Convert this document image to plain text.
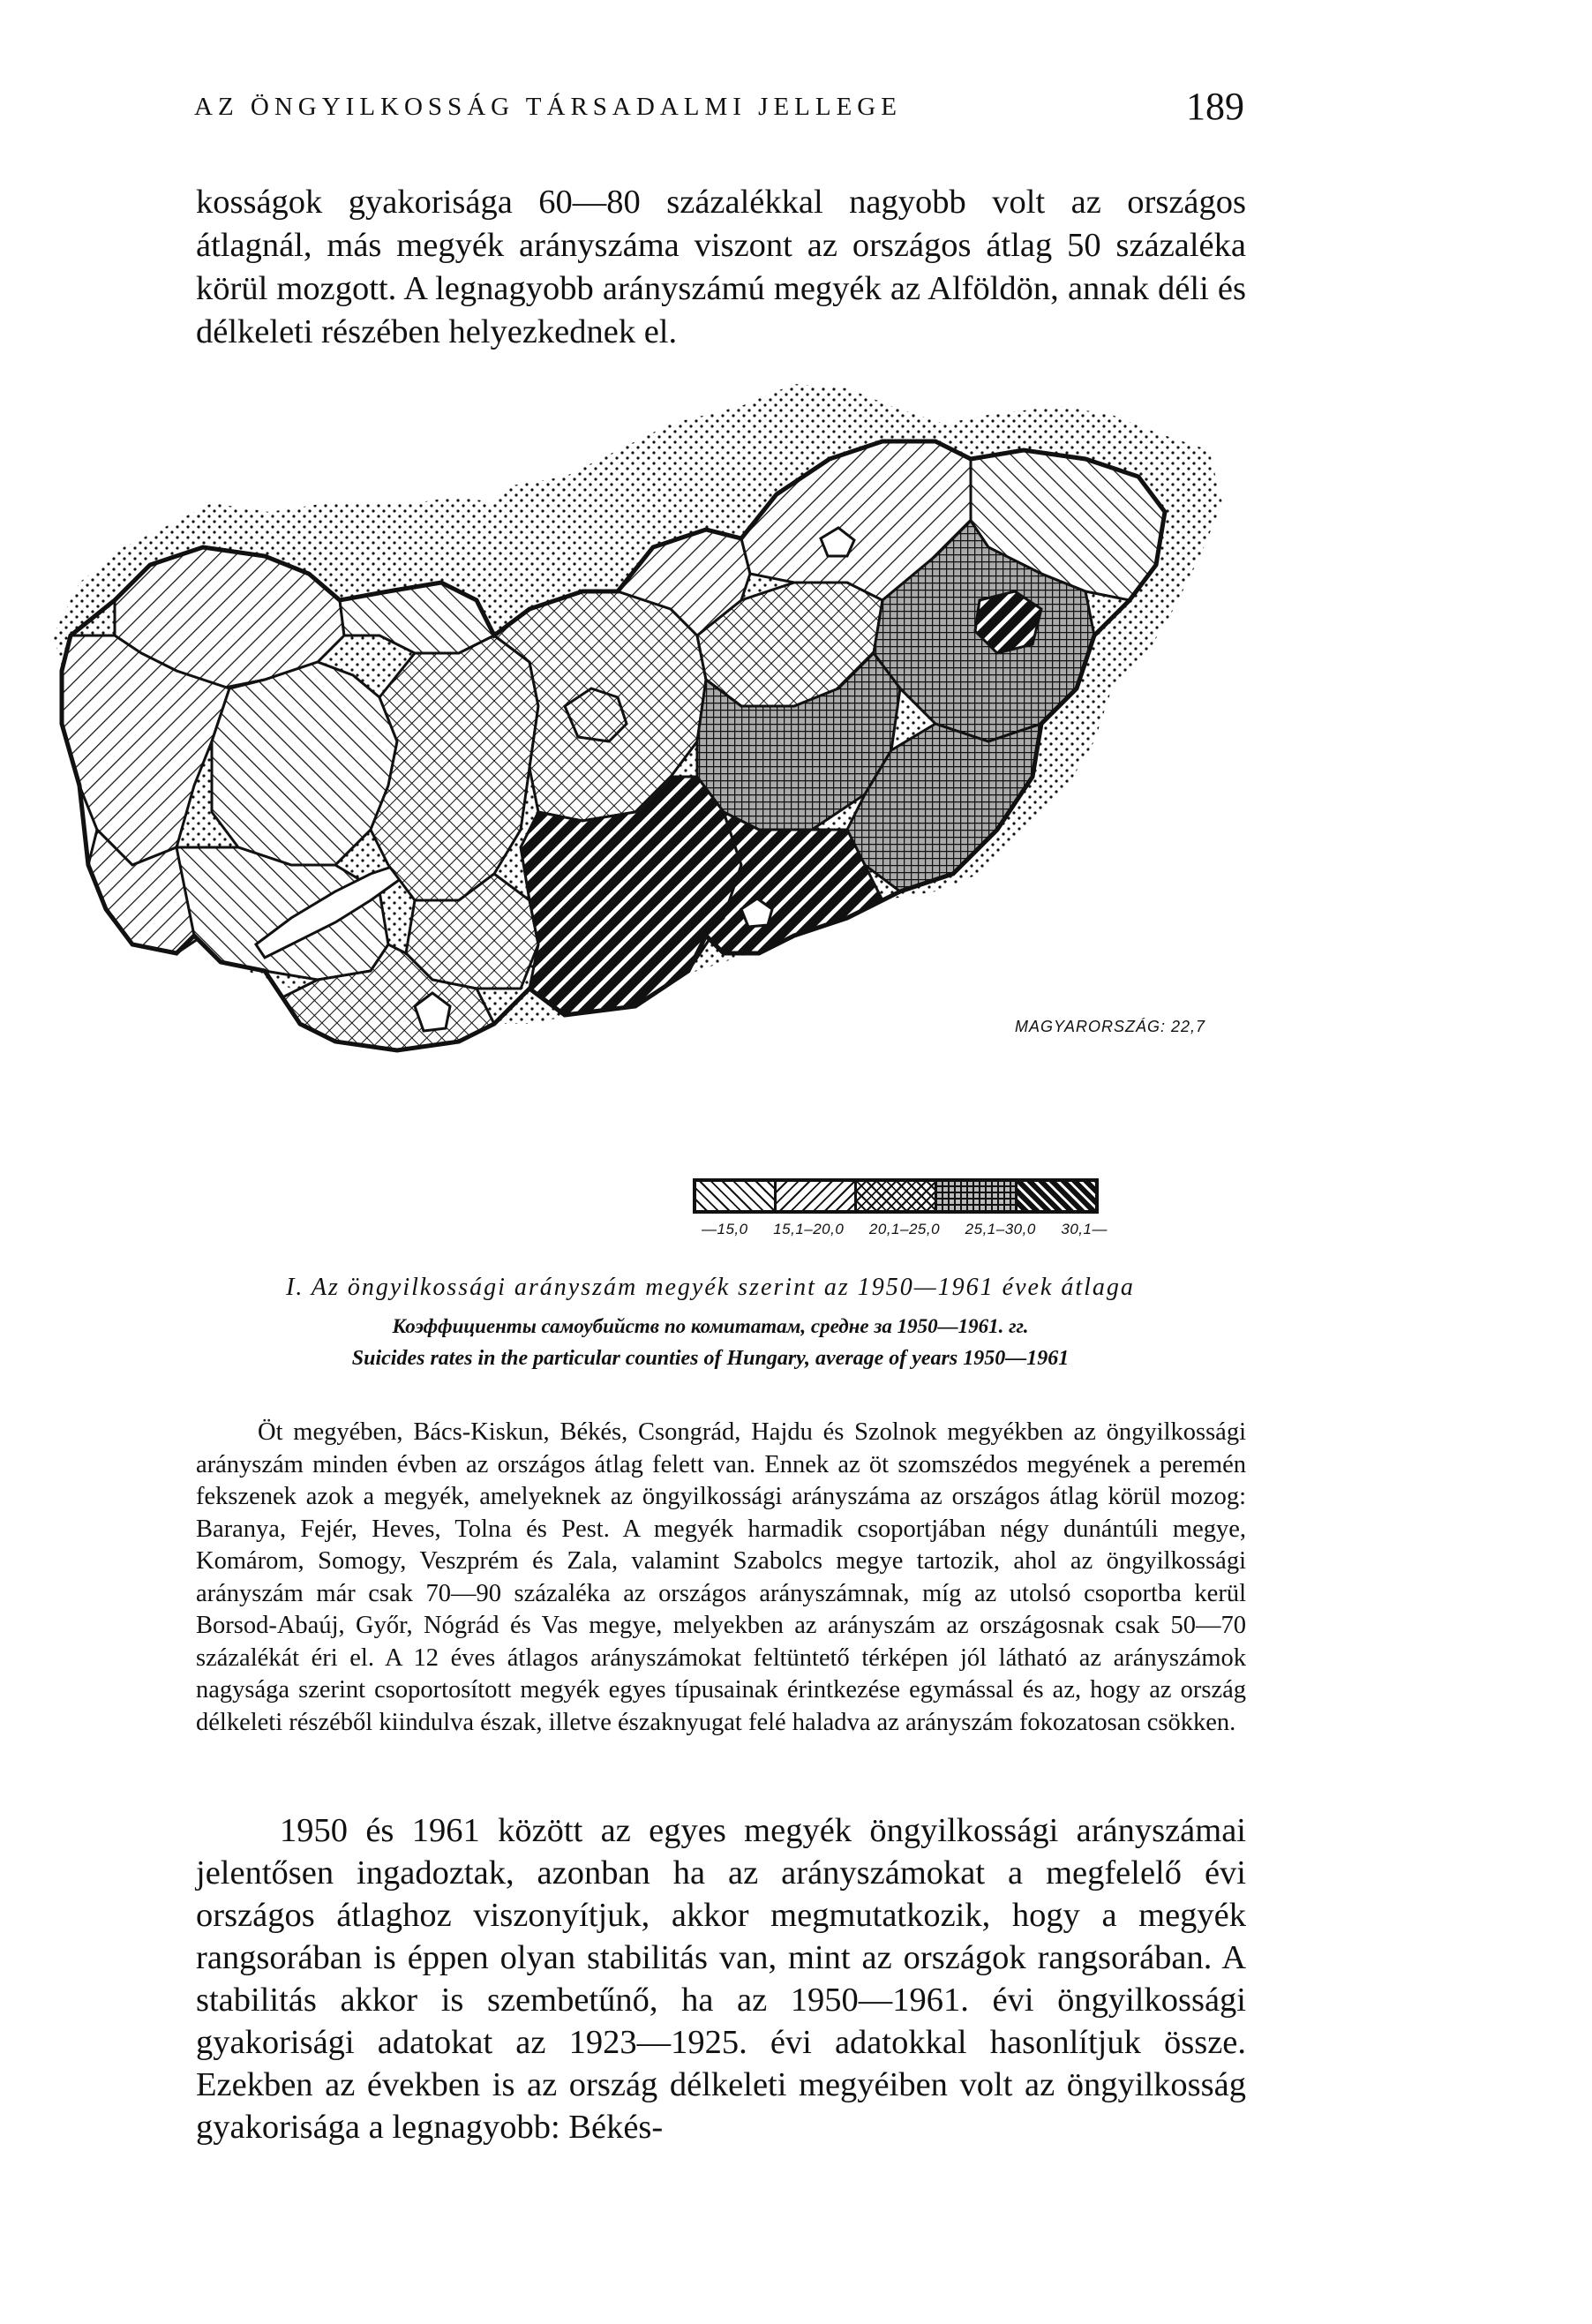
AZ ÖNGYILKOSSÁG TÁRSADALMI JELLEGE	189

kosságok gyakorisága 60—80 százalékkal nagyobb volt az országos átlagnál, más megyék arányszáma viszont az országos átlag 50 százaléka körül mozgott. A legnagyobb arányszámú megyék az Alföldön, annak déli és délkeleti részében helyezkednek el.

MAGYARORSZÁG: 22,7
—15,0 15,1–20,0 20,1–25,0 25,1–30,0 30,1—
I. Az öngyilkossági arányszám megyék szerint az 1950—1961 évek átlaga
Коэффициенты самоубийств по комитатам, средне за 1950—1961. гг.
Suicides rates in the particular counties of Hungary, average of years 1950—1961

Öt megyében, Bács-Kiskun, Békés, Csongrád, Hajdu és Szolnok megyékben az öngyilkossági arányszám minden évben az országos átlag felett van. Ennek az öt szomszédos megyének a peremén fekszenek azok a megyék, amelyeknek az öngyilkossági arányszáma az országos átlag körül mozog: Baranya, Fejér, Heves, Tolna és Pest. A megyék harmadik csoportjában négy dunántúli megye, Komárom, Somogy, Veszprém és Zala, valamint Szabolcs megye tartozik, ahol az öngyilkossági arányszám már csak 70—90 százaléka az országos arányszámnak, míg az utolsó csoportba kerül Borsod-Abaúj, Győr, Nógrád és Vas megye, melyekben az arányszám az országosnak csak 50—70 százalékát éri el. A 12 éves átlagos arányszámokat feltüntető térképen jól látható az arányszámok nagysága szerint csoportosított megyék egyes típusainak érintkezése egymással és az, hogy az ország délkeleti részéből kiindulva észak, illetve északnyugat felé haladva az arányszám fokozatosan csökken.

1950 és 1961 között az egyes megyék öngyilkossági arányszámai jelentősen ingadoztak, azonban ha az arányszámokat a megfelelő évi országos átlaghoz viszonyítjuk, akkor megmutatkozik, hogy a megyék rangsorában is éppen olyan stabilitás van, mint az országok rangsorában. A stabilitás akkor is szembetűnő, ha az 1950—1961. évi öngyilkossági gyakorisági adatokat az 1923—1925. évi adatokkal hasonlítjuk össze. Ezekben az években is az ország délkeleti megyéiben volt az öngyilkosság gyakorisága a legnagyobb: Békés-
